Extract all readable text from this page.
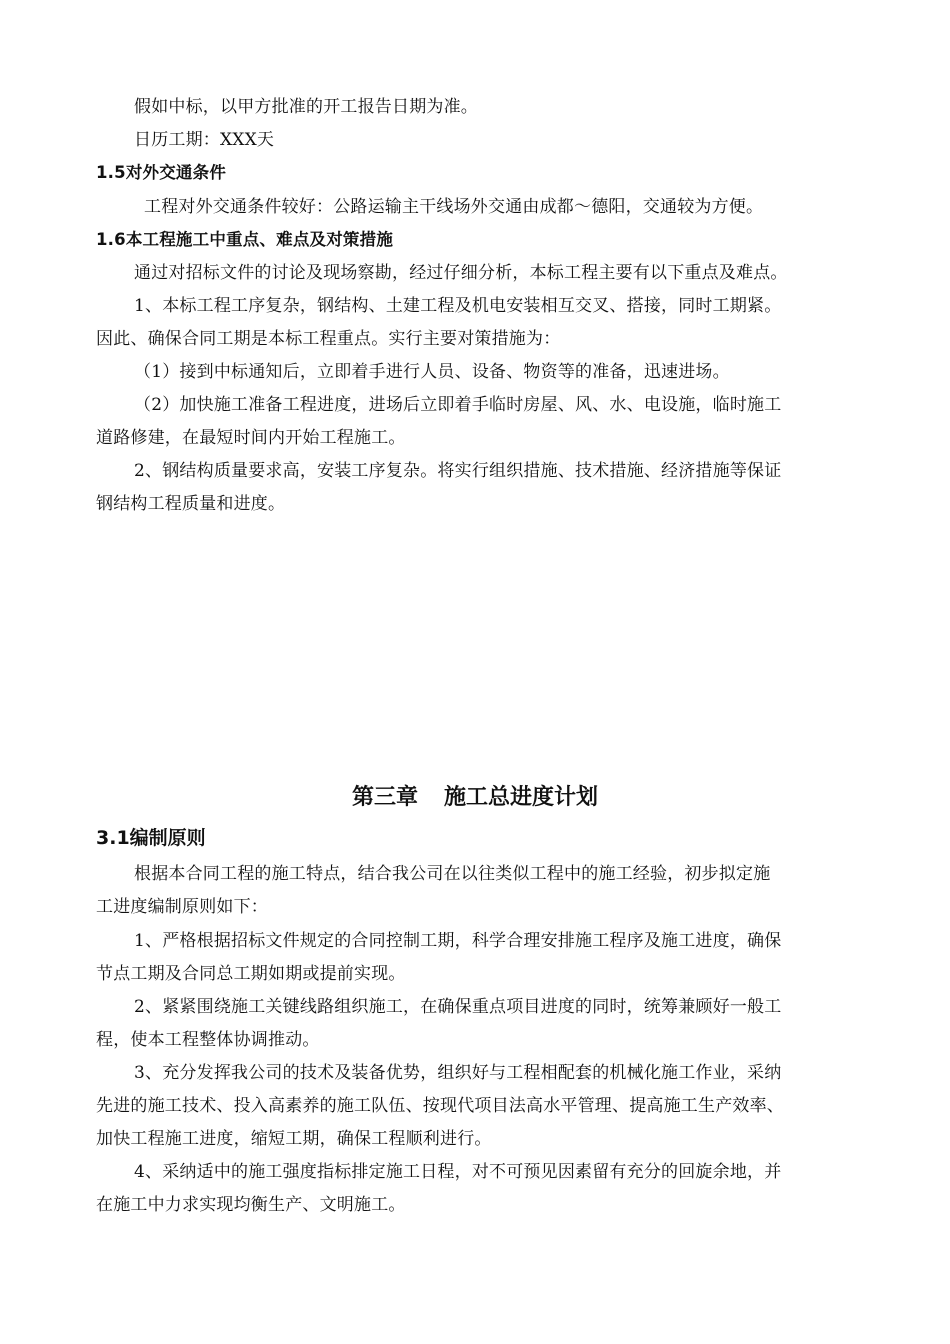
假如中标，以甲方批准的开工报告日期为准。
日历工期：XXX天
1.5对外交通条件
工程对外交通条件较好：公路运输主干线场外交通由成都～德阳，交通较为方便。
1.6本工程施工中重点、难点及对策措施
通过对招标文件的讨论及现场察勘，经过仔细分析，本标工程主要有以下重点及难点。
1、本标工程工序复杂，钢结构、土建工程及机电安装相互交叉、搭接，同时工期紧。
因此、确保合同工期是本标工程重点。实行主要对策措施为：
（1）接到中标通知后，立即着手进行人员、设备、物资等的准备，迅速进场。
（2）加快施工准备工程进度，进场后立即着手临时房屋、风、水、电设施，临时施工
道路修建，在最短时间内开始工程施工。
2、钢结构质量要求高，安装工序复杂。将实行组织措施、技术措施、经济措施等保证
钢结构工程质量和进度。
第三章 施工总进度计划
3.1编制原则
根据本合同工程的施工特点，结合我公司在以往类似工程中的施工经验，初步拟定施
工进度编制原则如下：
1、严格根据招标文件规定的合同控制工期，科学合理安排施工程序及施工进度，确保
节点工期及合同总工期如期或提前实现。
2、紧紧围绕施工关键线路组织施工，在确保重点项目进度的同时，统筹兼顾好一般工
程，使本工程整体协调推动。
3、充分发挥我公司的技术及装备优势，组织好与工程相配套的机械化施工作业，采纳
先进的施工技术、投入高素养的施工队伍、按现代项目法高水平管理、提高施工生产效率、
加快工程施工进度，缩短工期，确保工程顺利进行。
4、采纳适中的施工强度指标排定施工日程，对不可预见因素留有充分的回旋余地，并
在施工中力求实现均衡生产、文明施工。
